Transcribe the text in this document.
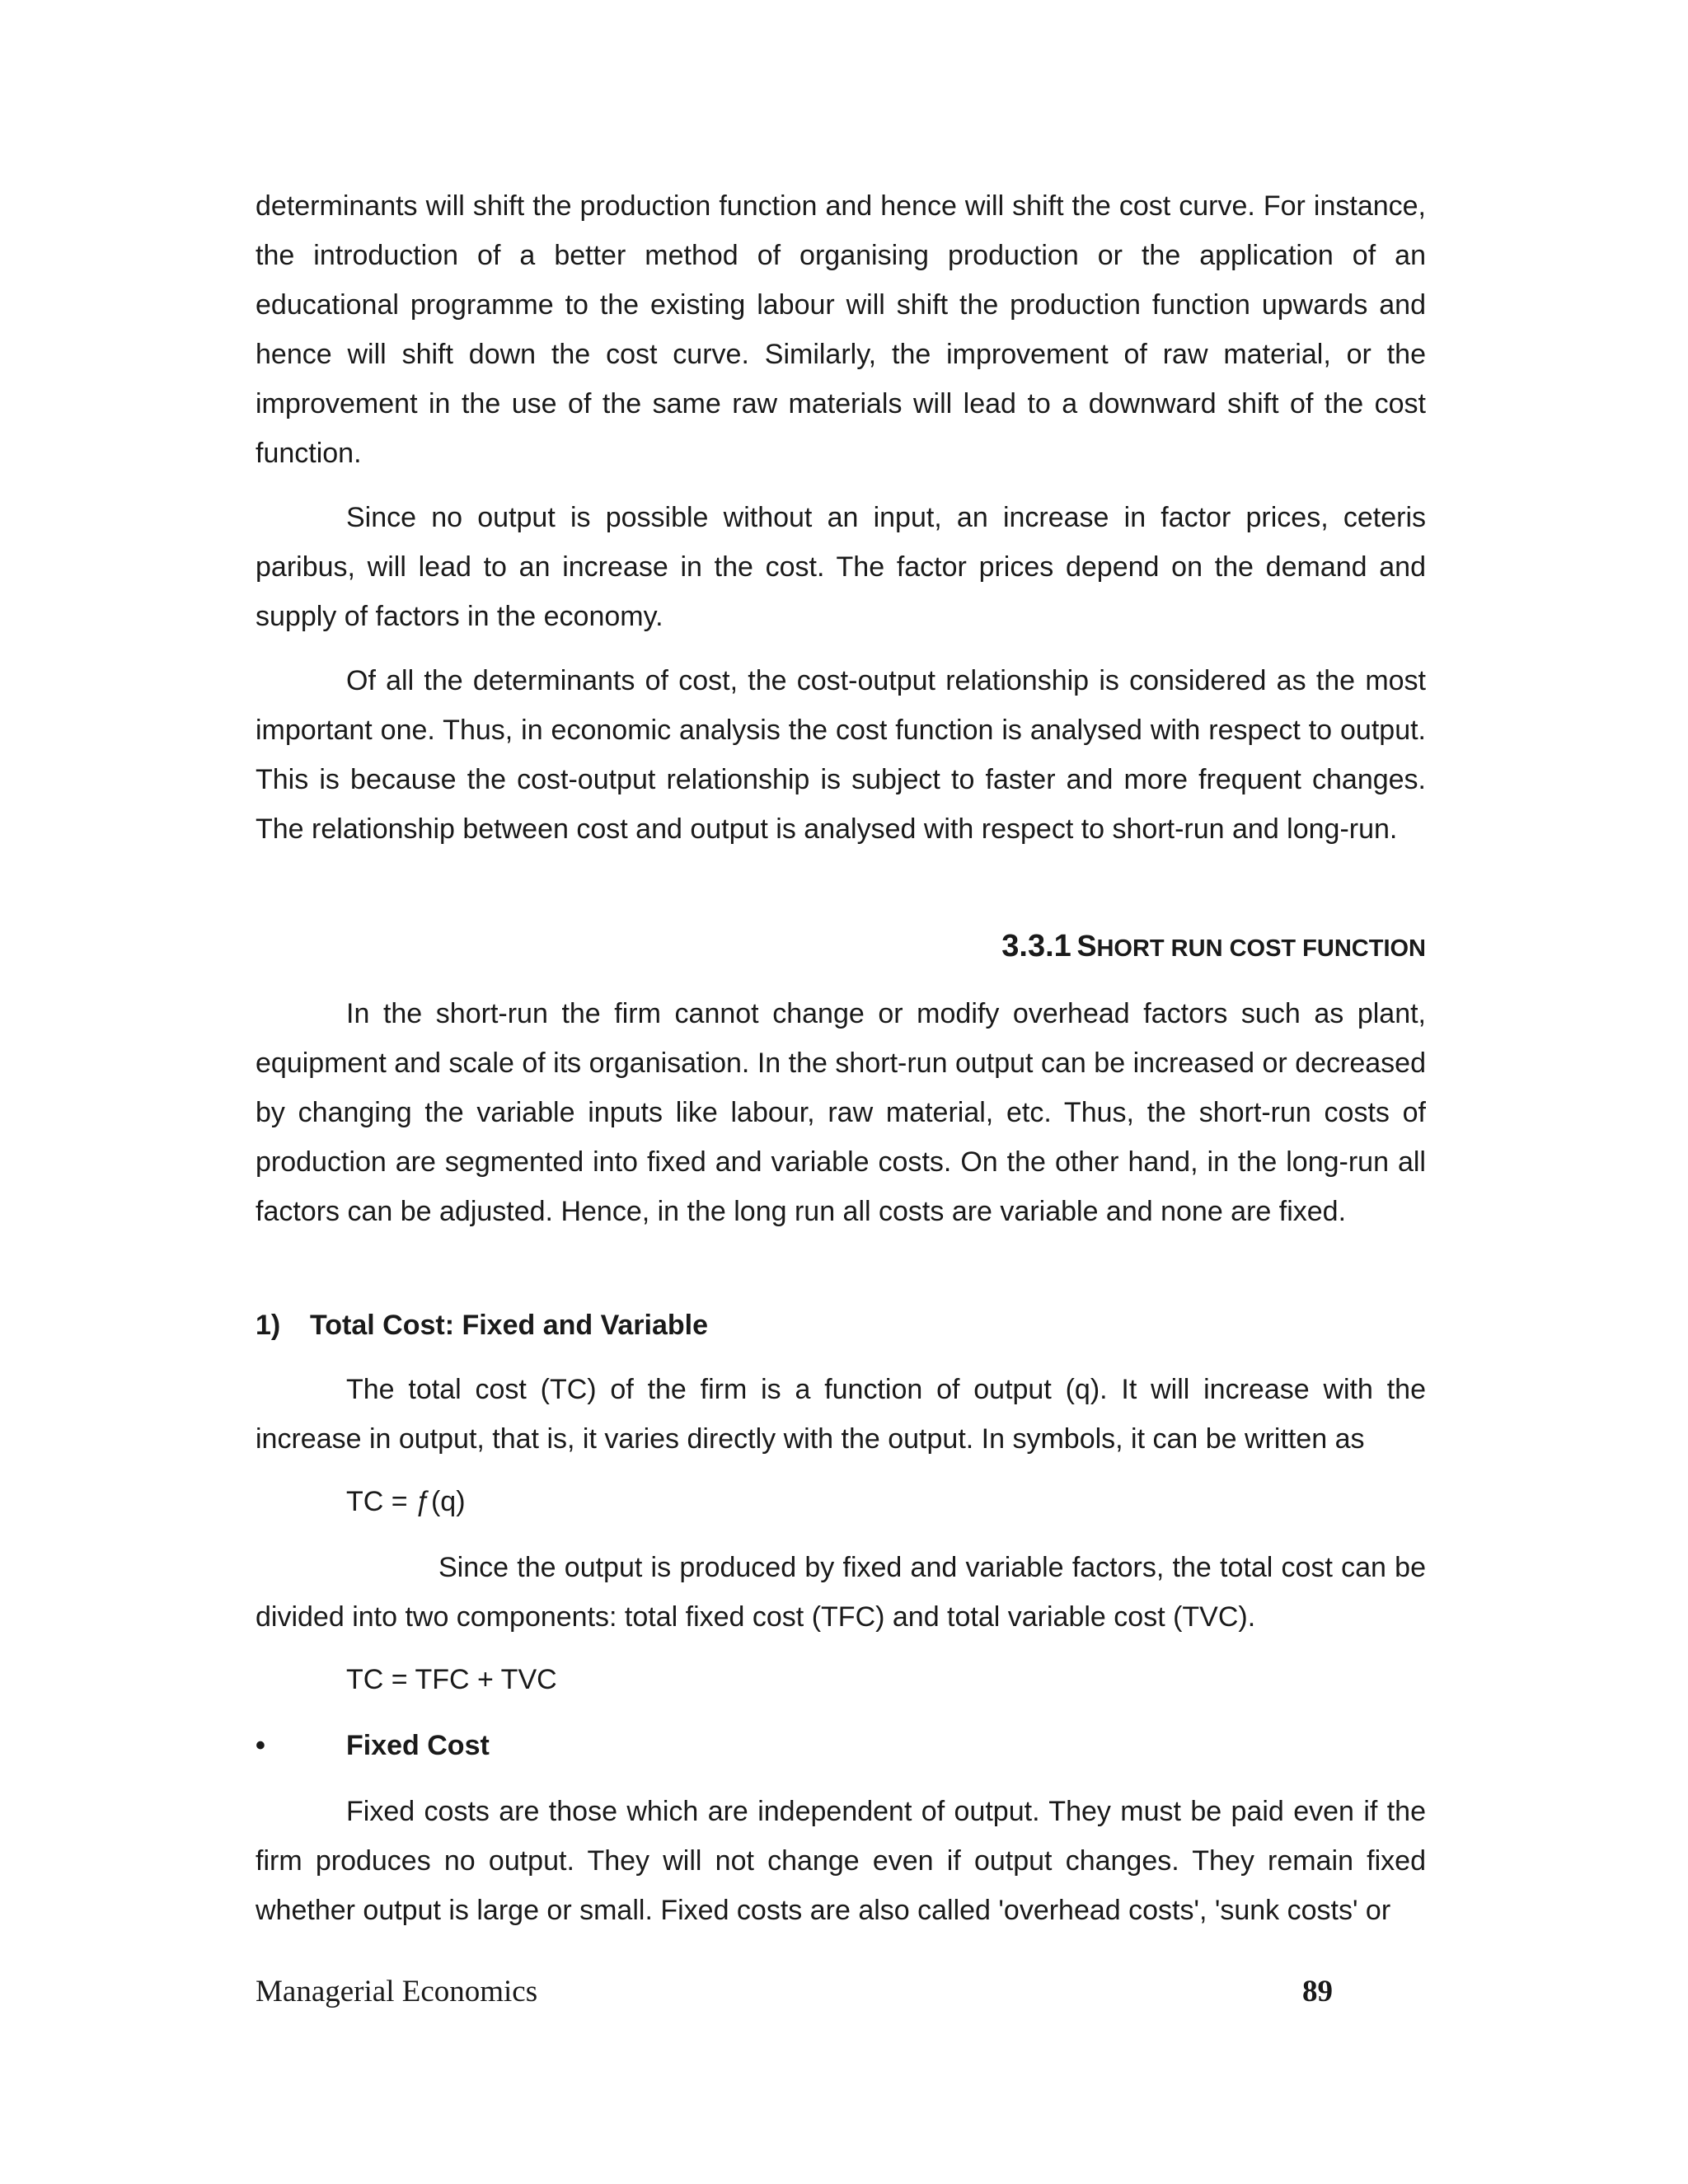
determinants will shift the production function and hence will shift the cost curve. For instance, the introduction of a better method of organising production or the application of an educational programme to the existing labour will shift the production function upwards and hence will shift down the cost curve. Similarly, the improvement of raw material, or the improvement in the use of the same raw materials will lead to a downward shift of the cost function.

Since no output is possible without an input, an increase in factor prices, ceteris paribus, will lead to an increase in the cost. The factor prices depend on the demand and supply of factors in the economy.

Of all the determinants of cost, the cost-output relationship is considered as the most important one. Thus, in economic analysis the cost function is analysed with respect to output. This is because the cost-output relationship is subject to faster and more frequent changes. The relationship between cost and output is analysed with respect to short-run and long-run.

3.3.1 SHORT RUN COST FUNCTION

In the short-run the firm cannot change or modify overhead factors such as plant, equipment and scale of its organisation. In the short-run output can be increased or decreased by changing the variable inputs like labour, raw material, etc. Thus, the short-run costs of production are segmented into fixed and variable costs. On the other hand, in the long-run all factors can be adjusted. Hence, in the long run all costs are variable and none are fixed.

1) Total Cost: Fixed and Variable

The total cost (TC) of the firm is a function of output (q). It will increase with the increase in output, that is, it varies directly with the output. In symbols, it can be written as

TC = ƒ(q)

Since the output is produced by fixed and variable factors, the total cost can be divided into two components: total fixed cost (TFC) and total variable cost (TVC).

TC = TFC + TVC

•	Fixed Cost

Fixed costs are those which are independent of output. They must be paid even if the firm produces no output. They will not change even if output changes. They remain fixed whether output is large or small. Fixed costs are also called 'overhead costs', 'sunk costs' or

Managerial Economics	89
